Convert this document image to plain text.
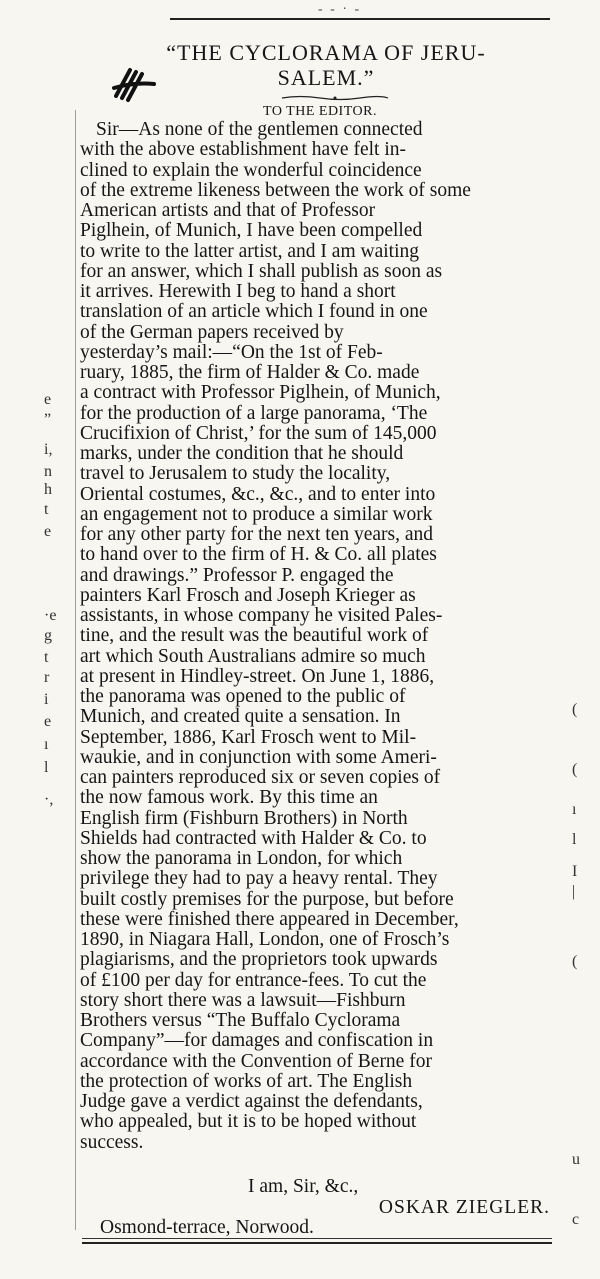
- - · -
“THE CYCLORAMA OF JERU-
SALEM.”
TO THE EDITOR.
Sir—As none of the gentlemen connected
with the above establishment have felt in-
clined to explain the wonderful coincidence
of the extreme likeness between the work of some
American artists and that of Professor
Piglhein, of Munich, I have been compelled
to write to the latter artist, and I am waiting
for an answer, which I shall publish as soon as
it arrives. Herewith I beg to hand a short
translation of an article which I found in one
of the German papers received by
yesterday’s mail:—“On the 1st of Feb-
ruary, 1885, the firm of Halder & Co. made
a contract with Professor Piglhein, of Munich,
for the production of a large panorama, ‘The
Crucifixion of Christ,’ for the sum of 145,000
marks, under the condition that he should
travel to Jerusalem to study the locality,
Oriental costumes, &c., &c., and to enter into
an engagement not to produce a similar work
for any other party for the next ten years, and
to hand over to the firm of H. & Co. all plates
and drawings.” Professor P. engaged the
painters Karl Frosch and Joseph Krieger as
assistants, in whose company he visited Pales-
tine, and the result was the beautiful work of
art which South Australians admire so much
at present in Hindley-street. On June 1, 1886,
the panorama was opened to the public of
Munich, and created quite a sensation. In
September, 1886, Karl Frosch went to Mil-
waukie, and in conjunction with some Ameri-
can painters reproduced six or seven copies of
the now famous work. By this time an
English firm (Fishburn Brothers) in North
Shields had contracted with Halder & Co. to
show the panorama in London, for which
privilege they had to pay a heavy rental. They
built costly premises for the purpose, but before
these were finished there appeared in December,
1890, in Niagara Hall, London, one of Frosch’s
plagiarisms, and the proprietors took upwards
of £100 per day for entrance-fees. To cut the
story short there was a lawsuit—Fishburn
Brothers versus “The Buffalo Cyclorama
Company”—for damages and confiscation in
accordance with the Convention of Berne for
the protection of works of art. The English
Judge gave a verdict against the defendants,
who appealed, but it is to be hoped without
success.
I am, Sir, &c.,
OSKAR ZIEGLER.
Osmond-terrace, Norwood.
e
”
i,
n
h
t
e
·e
g
t
r
i
e
ı
l
·,
(
(
ı
l
I
|
(
u
c
